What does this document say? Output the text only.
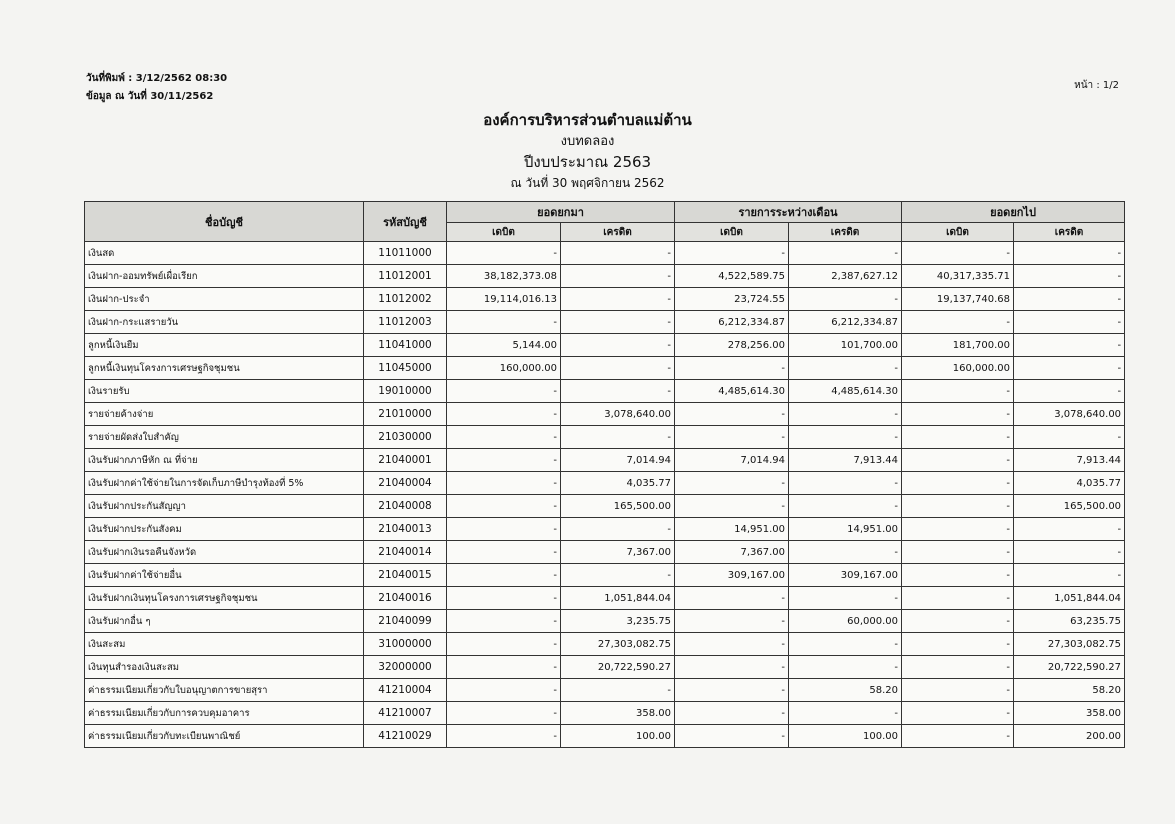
วันที่พิมพ์ : 3/12/2562 08:30
ข้อมูล ณ วันที่ 30/11/2562
หน้า : 1/2
องค์การบริหารส่วนตำบลแม่ต้าน
งบทดลอง
ปีงบประมาณ 2563
ณ วันที่ 30 พฤศจิกายน 2562
ชื่อบัญชี	รหัสบัญชี	ยอดยกมา		รายการระหว่างเดือน		ยอดยกไป	
		เดบิต	เครดิต	เดบิต	เครดิต	เดบิต	เครดิต
เงินสด	11011000	-	-	-	-	-	-
เงินฝาก-ออมทรัพย์เผื่อเรียก	11012001	38,182,373.08	-	4,522,589.75	2,387,627.12	40,317,335.71	-
เงินฝาก-ประจำ	11012002	19,114,016.13	-	23,724.55	-	19,137,740.68	-
เงินฝาก-กระแสรายวัน	11012003	-	-	6,212,334.87	6,212,334.87	-	-
ลูกหนี้เงินยืม	11041000	5,144.00	-	278,256.00	101,700.00	181,700.00	-
ลูกหนี้เงินทุนโครงการเศรษฐกิจชุมชน	11045000	160,000.00	-	-	-	160,000.00	-
เงินรายรับ	19010000	-	-	4,485,614.30	4,485,614.30	-	-
รายจ่ายค้างจ่าย	21010000	-	3,078,640.00	-	-	-	3,078,640.00
รายจ่ายผัดส่งใบสำคัญ	21030000	-	-	-	-	-	-
เงินรับฝากภาษีหัก ณ ที่จ่าย	21040001	-	7,014.94	7,014.94	7,913.44	-	7,913.44
เงินรับฝากค่าใช้จ่ายในการจัดเก็บภาษีบำรุงท้องที่ 5%	21040004	-	4,035.77	-	-	-	4,035.77
เงินรับฝากประกันสัญญา	21040008	-	165,500.00	-	-	-	165,500.00
เงินรับฝากประกันสังคม	21040013	-	-	14,951.00	14,951.00	-	-
เงินรับฝากเงินรอคืนจังหวัด	21040014	-	7,367.00	7,367.00	-	-	-
เงินรับฝากค่าใช้จ่ายอื่น	21040015	-	-	309,167.00	309,167.00	-	-
เงินรับฝากเงินทุนโครงการเศรษฐกิจชุมชน	21040016	-	1,051,844.04	-	-	-	1,051,844.04
เงินรับฝากอื่น ๆ	21040099	-	3,235.75	-	60,000.00	-	63,235.75
เงินสะสม	31000000	-	27,303,082.75	-	-	-	27,303,082.75
เงินทุนสำรองเงินสะสม	32000000	-	20,722,590.27	-	-	-	20,722,590.27
ค่าธรรมเนียมเกี่ยวกับใบอนุญาตการขายสุรา	41210004	-	-	-	58.20	-	58.20
ค่าธรรมเนียมเกี่ยวกับการควบคุมอาคาร	41210007	-	358.00	-	-	-	358.00
ค่าธรรมเนียมเกี่ยวกับทะเบียนพาณิชย์	41210029	-	100.00	-	100.00	-	200.00
